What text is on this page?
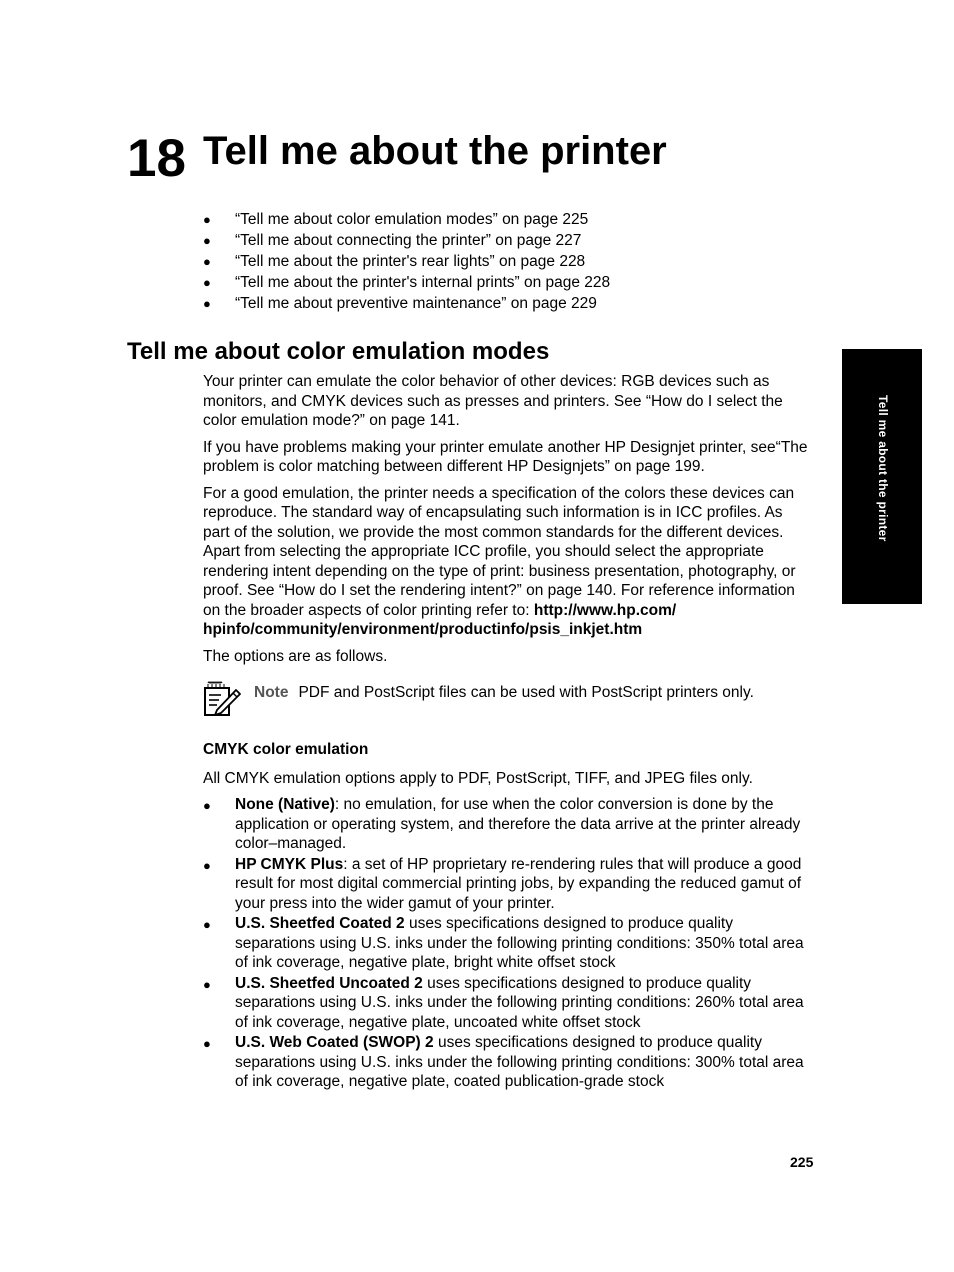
18 Tell me about the printer
● “Tell me about color emulation modes” on page 225
● “Tell me about connecting the printer” on page 227
● “Tell me about the printer's rear lights” on page 228
● “Tell me about the printer's internal prints” on page 228
● “Tell me about preventive maintenance” on page 229
Tell me about color emulation modes

Your printer can emulate the color behavior of other devices: RGB devices such as monitors, and CMYK devices such as presses and printers. See “How do I select the color emulation mode?” on page 141.

If you have problems making your printer emulate another HP Designjet printer, see“The problem is color matching between different HP Designjets” on page 199.

For a good emulation, the printer needs a specification of the colors these devices can reproduce. The standard way of encapsulating such information is in ICC profiles. As part of the solution, we provide the most common standards for the different devices. Apart from selecting the appropriate ICC profile, you should select the appropriate rendering intent depending on the type of print: business presentation, photography, or proof. See “How do I set the rendering intent?” on page 140. For reference information on the broader aspects of color printing refer to: http://www.hp.com/ hpinfo/community/environment/productinfo/psis_inkjet.htm

The options are as follows.

Note PDF and PostScript files can be used with PostScript printers only.
CMYK color emulation

All CMYK emulation options apply to PDF, PostScript, TIFF, and JPEG files only.

● None (Native): no emulation, for use when the color conversion is done by the application or operating system, and therefore the data arrive at the printer already color–managed.
● HP CMYK Plus: a set of HP proprietary re-rendering rules that will produce a good result for most digital commercial printing jobs, by expanding the reduced gamut of your press into the wider gamut of your printer.
● U.S. Sheetfed Coated 2 uses specifications designed to produce quality separations using U.S. inks under the following printing conditions: 350% total area of ink coverage, negative plate, bright white offset stock
● U.S. Sheetfed Uncoated 2 uses specifications designed to produce quality separations using U.S. inks under the following printing conditions: 260% total area of ink coverage, negative plate, uncoated white offset stock
● U.S. Web Coated (SWOP) 2 uses specifications designed to produce quality separations using U.S. inks under the following printing conditions: 300% total area of ink coverage, negative plate, coated publication-grade stock
Tell me about the printer
225
